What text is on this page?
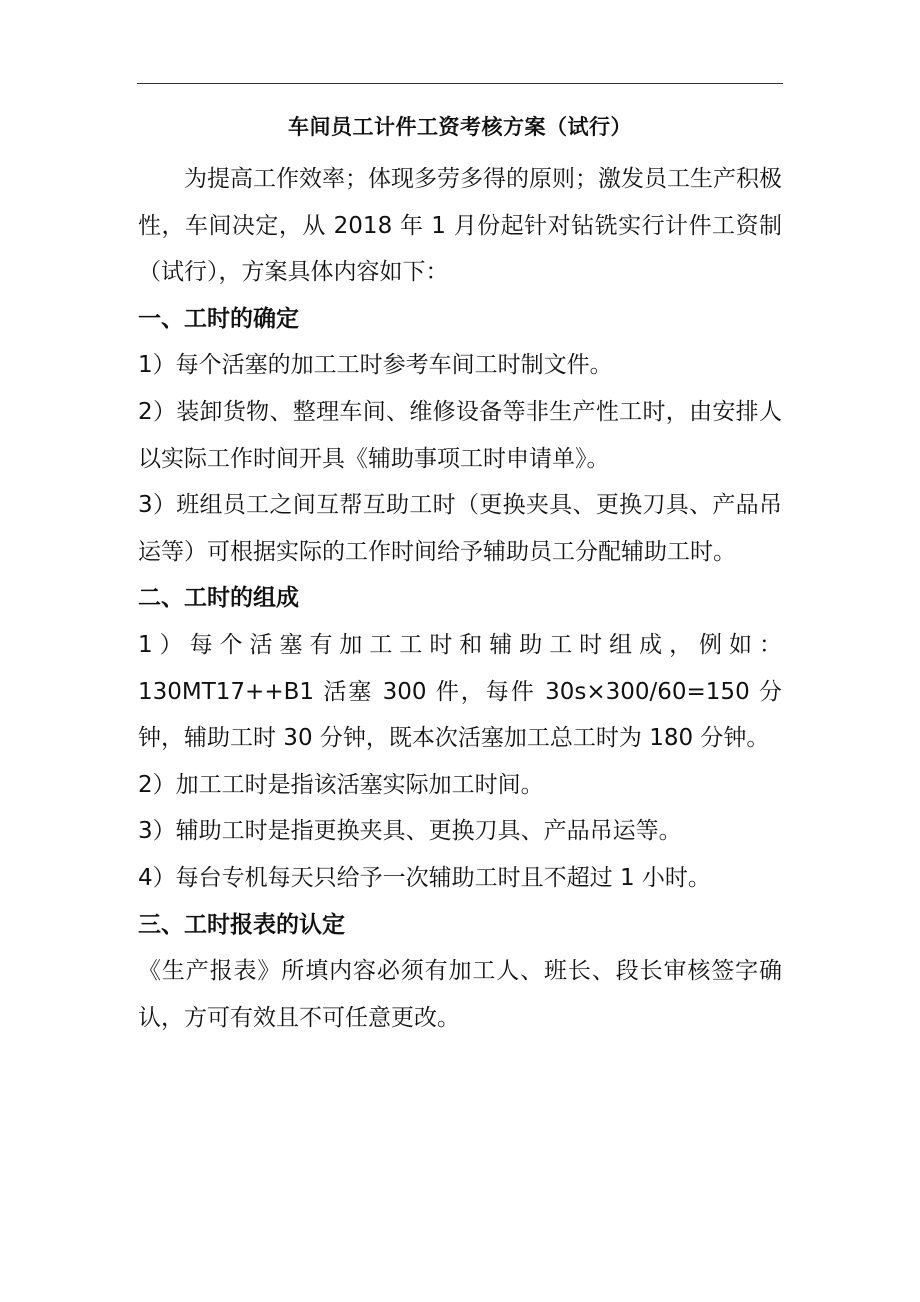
车间员工计件工资考核方案（试行）

为提高工作效率；体现多劳多得的原则；激发员工生产积极性，车间决定，从 2018 年 1 月份起针对钻铣实行计件工资制（试行），方案具体内容如下：

一、工时的确定

1）每个活塞的加工工时参考车间工时制文件。

2）装卸货物、整理车间、维修设备等非生产性工时，由安排人以实际工作时间开具《辅助事项工时申请单》。

3）班组员工之间互帮互助工时（更换夹具、更换刀具、产品吊运等）可根据实际的工作时间给予辅助员工分配辅助工时。

二、工时的组成

1）每个活塞有加工工时和辅助工时组成，例如：130MT17++B1 活塞 300 件，每件 30s×300/60=150 分钟，辅助工时 30 分钟，既本次活塞加工总工时为 180 分钟。

2）加工工时是指该活塞实际加工时间。

3）辅助工时是指更换夹具、更换刀具、产品吊运等。

4）每台专机每天只给予一次辅助工时且不超过 1 小时。

三、工时报表的认定

《生产报表》所填内容必须有加工人、班长、段长审核签字确认，方可有效且不可任意更改。
